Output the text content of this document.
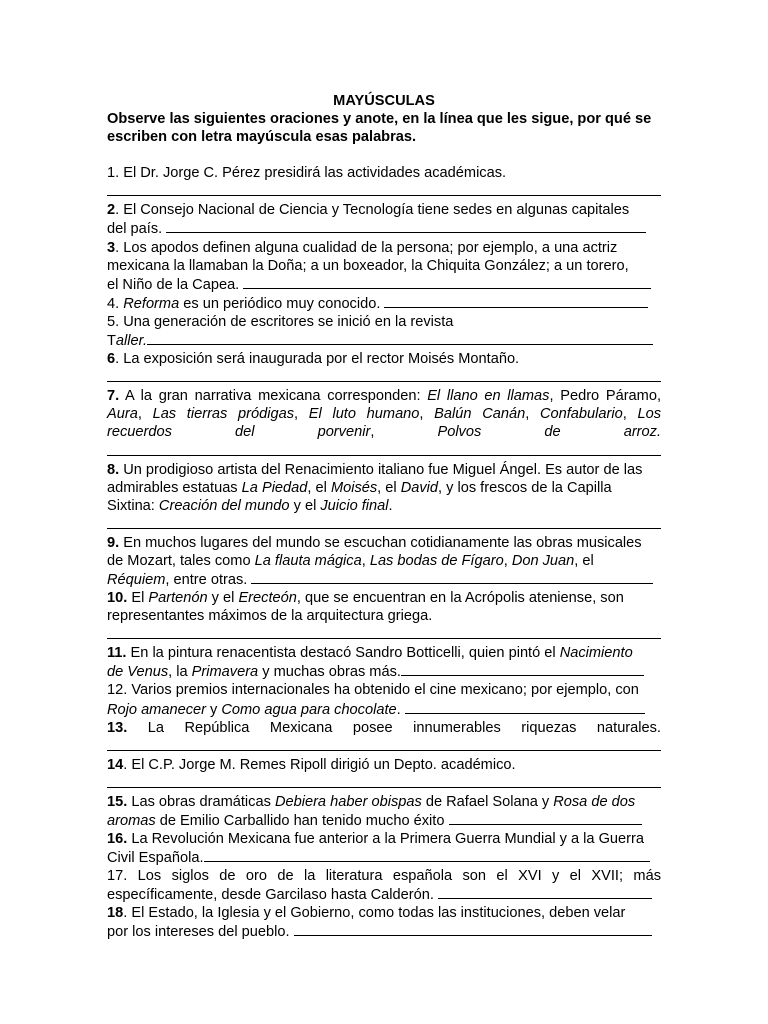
MAYÚSCULAS

Observe las siguientes oraciones y anote, en la línea que les sigue, por qué se escriben con letra mayúscula esas palabras.

1. El Dr. Jorge C. Pérez presidirá las actividades académicas.
2. El Consejo Nacional de Ciencia y Tecnología tiene sedes en algunas capitales
del país.
3. Los apodos definen alguna cualidad de la persona; por ejemplo, a una actriz
mexicana la llamaban la Doña; a un boxeador, la Chiquita González; a un torero,
el Niño de la Capea.
4. Reforma es un periódico muy conocido.
5. Una generación de escritores se inició en la revista
Taller.
6. La exposición será inaugurada por el rector Moisés Montaño.
7. A la gran narrativa mexicana corresponden: El llano en llamas, Pedro Páramo,
Aura, Las tierras pródigas, El luto humano, Balún Canán, Confabulario, Los
recuerdos	del	porvenir,	Polvos	de	arroz.
8. Un prodigioso artista del Renacimiento italiano fue Miguel Ángel. Es autor de las
admirables estatuas La Piedad, el Moisés, el David, y los frescos de la Capilla
Sixtina: Creación del mundo y el Juicio final.
9. En muchos lugares del mundo se escuchan cotidianamente las obras musicales
de Mozart, tales como La flauta mágica, Las bodas de Fígaro, Don Juan, el
Réquiem, entre otras.
10. El Partenón y el Erecteón, que se encuentran en la Acrópolis ateniense, son
representantes máximos de la arquitectura griega.
11. En la pintura renacentista destacó Sandro Botticelli, quien pintó el Nacimiento
de Venus, la Primavera y muchas obras más.
12. Varios premios internacionales ha obtenido el cine mexicano; por ejemplo, con
Rojo amanecer y Como agua para chocolate.
13. La República Mexicana posee innumerables riquezas naturales.
14. El C.P. Jorge M. Remes Ripoll dirigió un Depto. académico.
15. Las obras dramáticas Debiera haber obispas de Rafael Solana y Rosa de dos
aromas de Emilio Carballido han tenido mucho éxito
16. La Revolución Mexicana fue anterior a la Primera Guerra Mundial y a la Guerra
Civil Española.
17. Los siglos de oro de la literatura española son el XVI y el XVII; más
específicamente, desde Garcilaso hasta Calderón.
18. El Estado, la Iglesia y el Gobierno, como todas las instituciones, deben velar
por los intereses del pueblo.
